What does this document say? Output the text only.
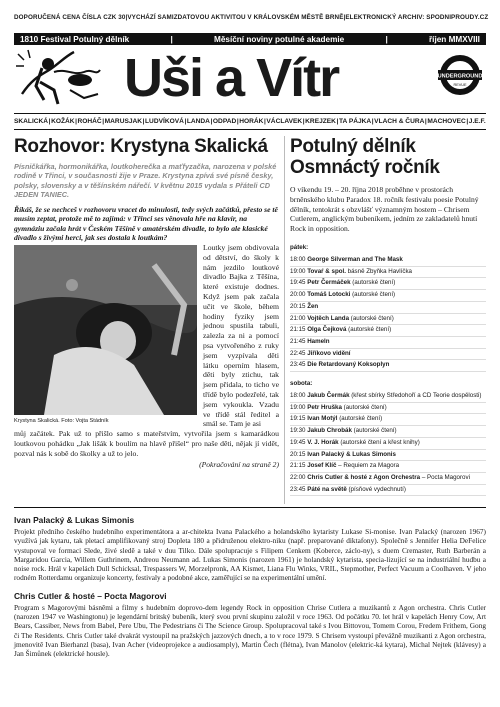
DOPORUČENÁ CENA ČÍSLA CZK 30 | VYCHÁZÍ SAMIZDATOVOU AKTIVITOU V KRÁLOVSKÉM MĚSTĚ BRNĚ | ELEKTRONICKÝ ARCHIV: SPODNIPROUDY.CZ
1810 Festival Potulný dělník	|	Měsíční noviny potulné akademie	|	říjen MMXVIII
Uši a Vítr	UNDERGROUND
REVUE
SKALICKÁ | KOŽÁK | ROHÁČ | MARUSJAK | LUDVÍKOVÁ | LANDA | ODPAD | HORÁK | VÁCLAVEK | KREJZEK | TA PÁJKA | VLACH & ČURA | MACHOVEC | J.E.F.
Rozhovor: Krystyna Skalická

Písničkářka, hormonikářka, loutkoherečka a maťfyzačka, narozena v polské rodině v Třinci, v současnosti žije v Praze. Krystyna zpívá své písně česky, polsky, slovensky a v těšínském nářečí. V květnu 2015 vydala s Přáteli CD JEDEN TANIEC.

Říkáš, že se nechceš v rozhovoru vracet do minulosti, tedy svých začátků, přesto se tě musím zeptat, protože mě to zajímá: v Třinci ses věnovala hře na klavír, na gymnáziu začala hrát v Českém Těšíně v amatérském divadle, to bylo ale klasické divadlo s živými herci, jak ses dostala k loutkám?

Krystyna Skalická. Foto: Vojta Stádník

Loutky jsem obdivovala od dětství, do školy k nám jezdilo loutkové divadlo Bajka z Těšína, které existuje dodnes. Když jsem pak začala učit ve škole, během hodiny fyziky jsem jednou spustila tabuli, zalezla za ni a pomocí psa vytvořeného z ruky jsem vyzpívala děti látku operním hlasem, děti byly ztichu, tak jsem přidala, to ticho ve třídě bylo podezřelé, tak jsem vykoukla. Vzadu ve třídě stál ředitel a smál se. Tam je asi

můj začátek. Pak už to přišlo samo s mateřstvím, vytvořila jsem s kamarádkou loutkovou pohádku „Jak lišák k boulím na hlavě přišel“ pro naše děti, nějak jí vidět, pozval nás k sobě do školky a už to jelo.

(Pokračování na straně 2)
Potulný dělník
Osmnáctý ročník

O víkendu 19. – 20. října 2018 proběhne v prostorách brněnského klubu Paradox 18. ročník festivalu poesie Potulný dělník, tentokrát s obzvlášť významným hostem – Chrisem Cutlerem, anglickým bubeníkem, jedním ze zakladatelů hnutí Rock in opposition.

pátek:
18:00 George Silverman and The Mask
19:00 Tovaŕ & spol. básně Zbyňka Havlíčka
19:45 Petr Čermáček (autorské čtení)
20:00 Tomáš Lotocki (autorské čtení)
20:15 Žen
21:00 Vojtěch Landa (autorské čtení)
21:15 Olga Čejková (autorské čtení)
21:45 Hameln
22:45 Jiříkovo vidění
23:45 Die Retardovaný Koksoplyn
sobota:
18:00 Jakub Čermák (křest sbírky Středohoří a CD Teorie dospělosti)
19:00 Petr Hruška (autorské čtení)
19:15 Ivan Motýl (autorské čtení)
19:30 Jakub Chrobák (autorské čtení)
19:45 V. J. Horák (autorské čtení a křest knihy)
20:15 Ivan Palacký & Lukas Simonis
21:15 Josef Klíč – Requiem za Magora
22:00 Chris Cutler & hosté z Agon Orchestra – Pocta Magorovi
23:45 Páté na světě (písňové vydechnutí)
Ivan Palacký & Lukas Simonis

Projekt předního českého hudebního experimentátora a ar-chitekta Ivana Palackého a holandského kytaristy Lukase Si-monise. Ivan Palacký (narozen 1967) využívá jak kytaru, tak pletací amplifikovaný stroj Dopleta 180 a přidruženou elektro-niku (např. preparované diktafony). Společně s Jennifer Helia DeFelice vystupoval ve formaci Slede, živé sledě a také v duu Tilko. Dále spolupracuje s Filipem Cenkem (Koberce, záclo-ny), s duem Cremaster, Ruth Barberán a Margaridou Garcia, Willem Guthrinem, Andreou Neumann ad. Lukas Simonis (narozen 1961) je holandský kytarista, specia-lizující se na industriální hudbu a noise rock. Hrál v kapelách Dull Schicksal, Trespassers W, Morzelpronk, AA Kismet, Liana Flu Winks, VRIL, Stepmother, Perfect Vacuum a Coolhaven. V jeho rodném Rotterdamu organizuje koncerty, festivaly a podobné akce, zaměřující se na experimentální umění.

Chris Cutler & hosté – Pocta Magorovi

Program s Magorovými básněmi a filmy s hudebním doprovo-dem legendy Rock in opposition Chrise Cutlera a muzikantů z Agon orchestra. Chris Cutler (narozen 1947 ve Washingtonu) je legendární britský bubeník, který svou první skupinu založil v roce 1963. Od počátku 70. let hrál v kapelách Henry Cow, Art Bears, Cassiber, News from Babel, Pere Ubu, The Pedestrians či The Science Group. Spolupracoval také s Ivou Bittovou, Tomem Corou, Fredem Frithem, Gong či The Residents. Chris Cutler také dvakrát vystoupil na pražských jazzových dnech, a to v roce 1979. S Chrisem vystoupí převážně muzikanti z Agon orchestra, jmenovitě Ivan Bierhanzl (basa), Ivan Acher (videoprojekce a audiosamply), Martin Čech (flétna), Ivan Manolov (elektric-ká kytara), Michal Nejtek (klávesy) a Jan Šimůnek (elektrické housle).
